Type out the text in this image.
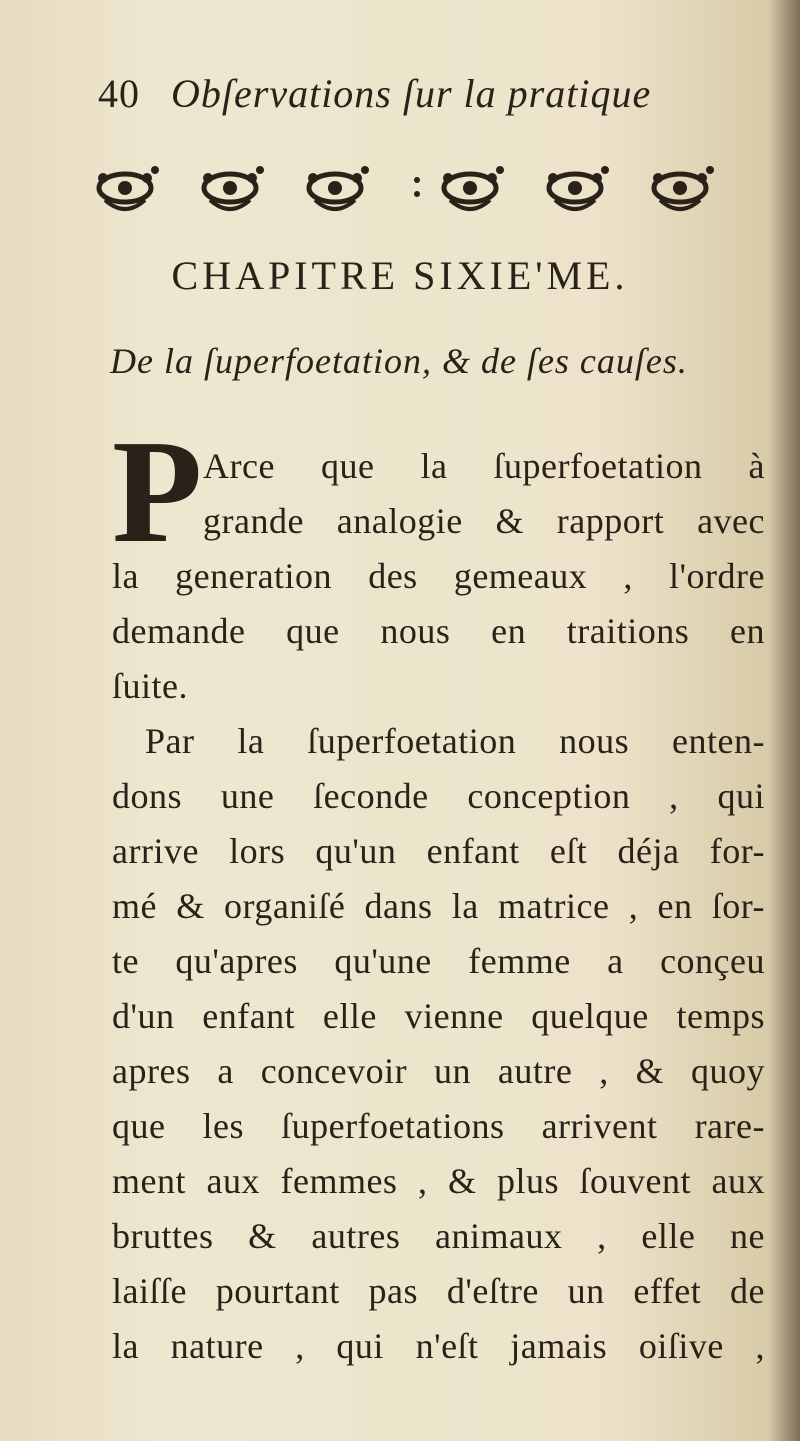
40 Obſervations ſur la pratique
CHAPITRE SIXIE'ME.
De la ſuperfoetation, & de ſes cauſes.
P Arce que la ſuperfoetation à
grande analogie & rapport avec
la generation des gemeaux , l'ordre
demande que nous en traitions en
ſuite.
Par la ſuperfoetation nous enten-
dons une ſeconde conception , qui
arrive lors qu'un enfant eſt déja for-
mé & organiſé dans la matrice , en ſor-
te qu'apres qu'une femme a conçeu
d'un enfant elle vienne quelque temps
apres a concevoir un autre , & quoy
que les ſuperfoetations arrivent rare-
ment aux femmes , & plus ſouvent aux
bruttes & autres animaux , elle ne
laiſſe pourtant pas d'eſtre un effet de
la nature , qui n'eſt jamais oiſive ,
